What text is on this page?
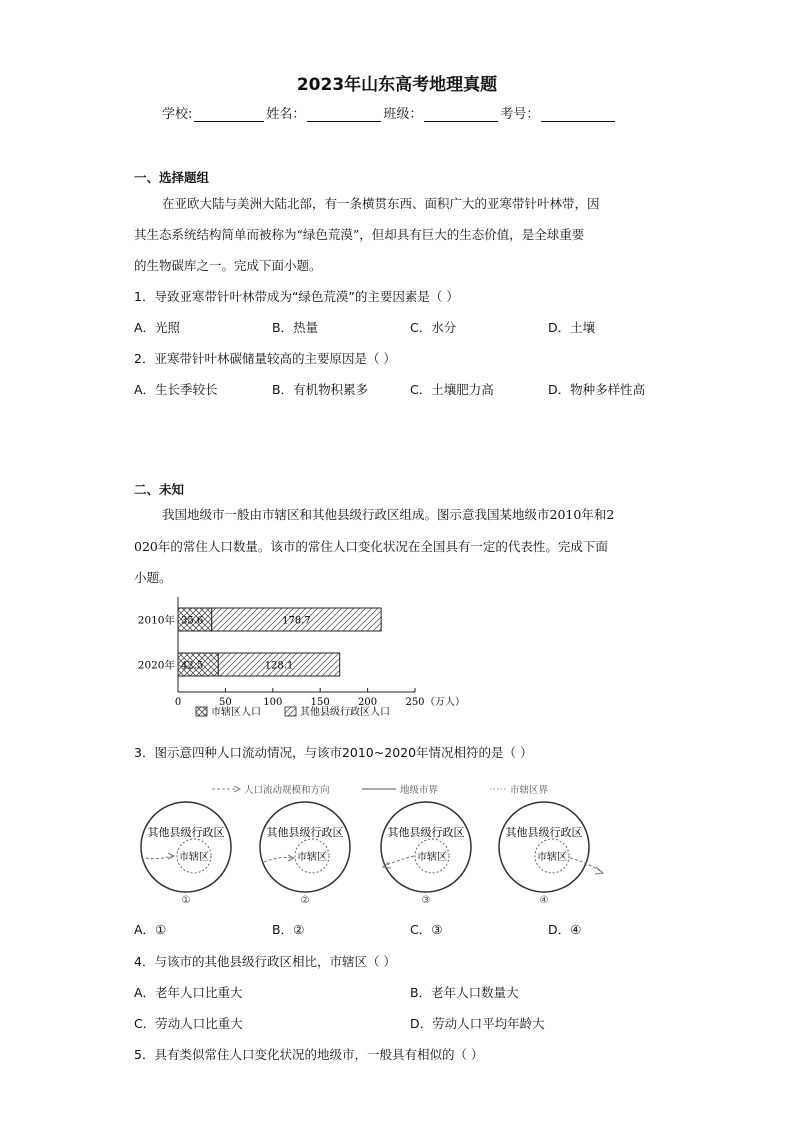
2023年山东高考地理真题
学校:	姓名：	班级：	考号：
一、选择题组
在亚欧大陆与美洲大陆北部，有一条横贯东西、面积广大的亚寒带针叶林带，因
其生态系统结构简单而被称为“绿色荒漠”，但却具有巨大的生态价值，是全球重要
的生物碳库之一。完成下面小题。
1．导致亚寒带针叶林带成为“绿色荒漠”的主要因素是（ ）
A．光照	B．热量	C．水分	D．土壤
2．亚寒带针叶林碳储量较高的主要原因是（ ）
A．生长季较长	B．有机物积累多	C．土壤肥力高	D．物种多样性高
二、未知
我国地级市一般由市辖区和其他县级行政区组成。图示意我国某地级市2010年和2
020年的常住人口数量。该市的常住人口变化状况在全国具有一定的代表性。完成下面
小题。
0	50	100	150	200	250 （万人）
2010年 35.6	178.7
2020年 42.5	128.1
市辖区人口	其他县级行政区人口
人口流动规模和方向	地级市界	市辖区界
其他县级行政区
市辖区
①
其他县级行政区
市辖区
②
其他县级行政区
市辖区
③
其他县级行政区
市辖区
④
3．图示意四种人口流动情况，与该市2010~2020年情况相符的是（ ）
A．①	B．②	C．③	D．④
4．与该市的其他县级行政区相比，市辖区（ ）
A．老年人口比重大	B．老年人口数量大
C．劳动人口比重大	D．劳动人口平均年龄大
5．具有类似常住人口变化状况的地级市，一般具有相似的（ ）
